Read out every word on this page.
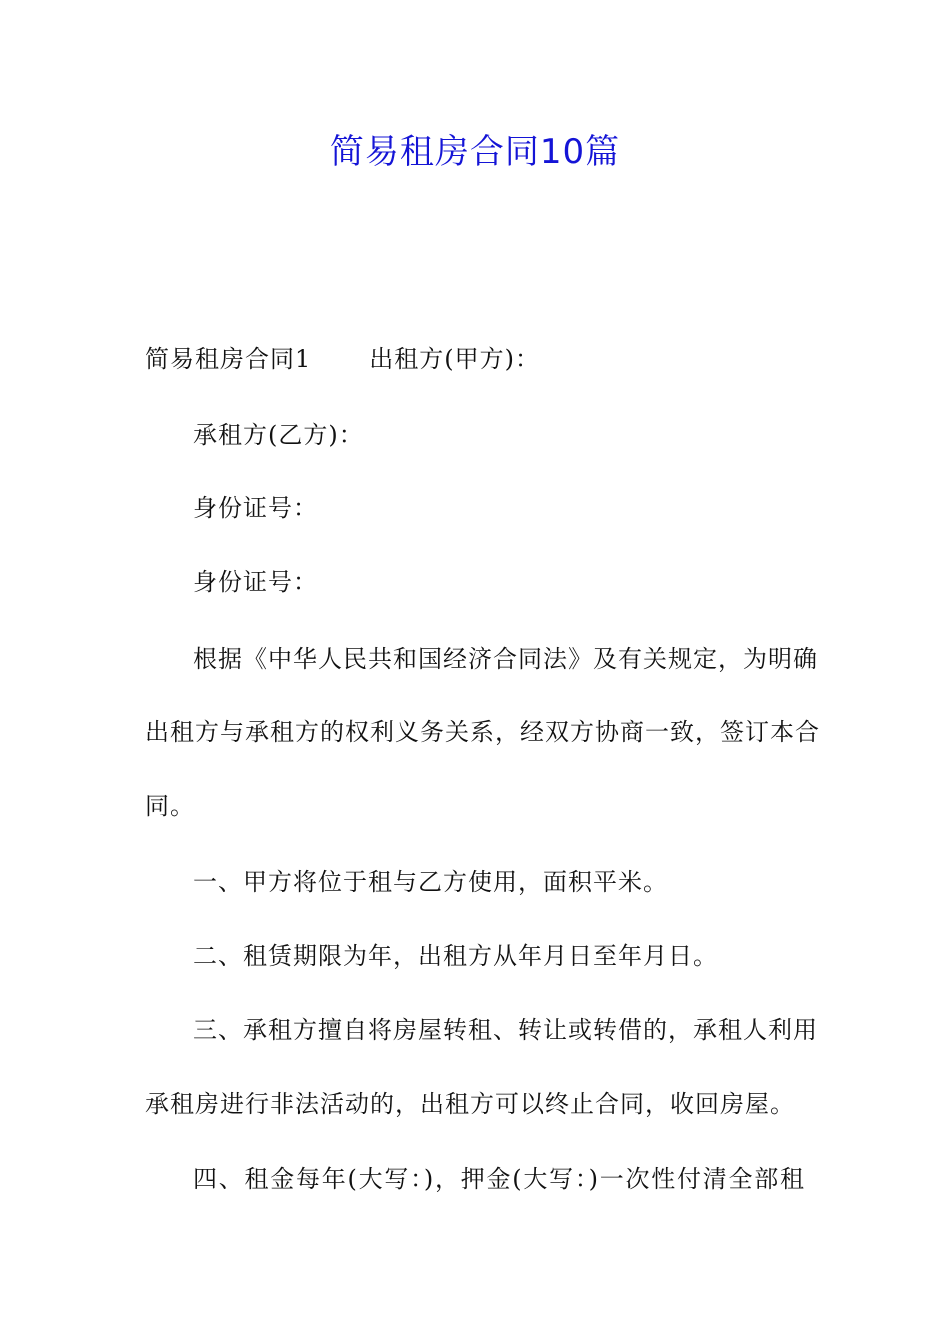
简易租房合同10篇
简易租房合同1 出租方(甲方)：
承租方(乙方)：
身份证号：
身份证号：
根据《中华人民共和国经济合同法》及有关规定，为明确
出租方与承租方的权利义务关系，经双方协商一致，签订本合
同。
一、甲方将位于租与乙方使用，面积平米。
二、租赁期限为年，出租方从年月日至年月日。
三、承租方擅自将房屋转租、转让或转借的，承租人利用
承租房进行非法活动的，出租方可以终止合同，收回房屋。
四、租金每年(大写：)，押金(大写：)一次性付清全部租
